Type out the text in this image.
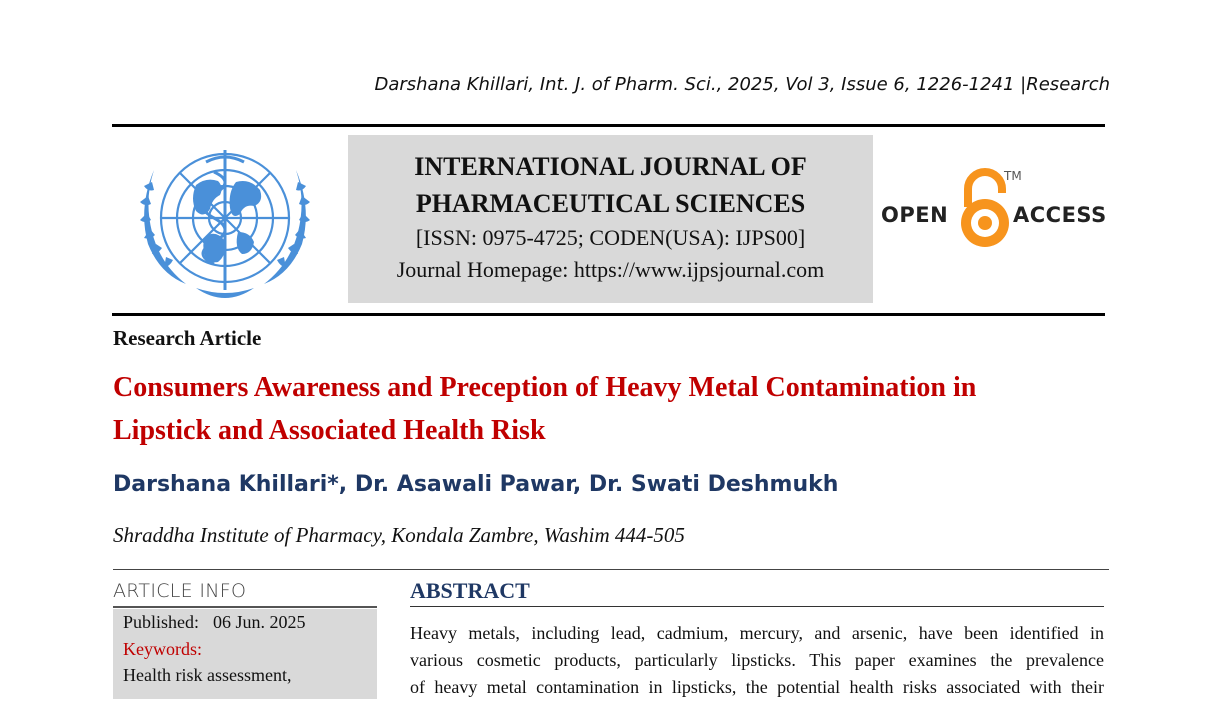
Darshana Khillari, Int. J. of Pharm. Sci., 2025, Vol 3, Issue 6, 1226-1241 |Research
INTERNATIONAL JOURNAL OF
PHARMACEUTICAL SCIENCES
[ISSN: 0975-4725; CODEN(USA): IJPS00]
Journal Homepage: https://www.ijpsjournal.com
OPEN
TM
ACCESS
Research Article
Consumers Awareness and Preception of Heavy Metal Contamination in
Lipstick and Associated Health Risk
Darshana Khillari*, Dr. Asawali Pawar, Dr. Swati Deshmukh
Shraddha Institute of Pharmacy, Kondala Zambre, Washim 444-505
ARTICLE INFO
Published: 06 Jun. 2025
Keywords:
Health risk assessment,
ABSTRACT
Heavy metals, including lead, cadmium, mercury, and arsenic, have been identified in
various cosmetic products, particularly lipsticks. This paper examines the prevalence
of heavy metal contamination in lipsticks, the potential health risks associated with their
